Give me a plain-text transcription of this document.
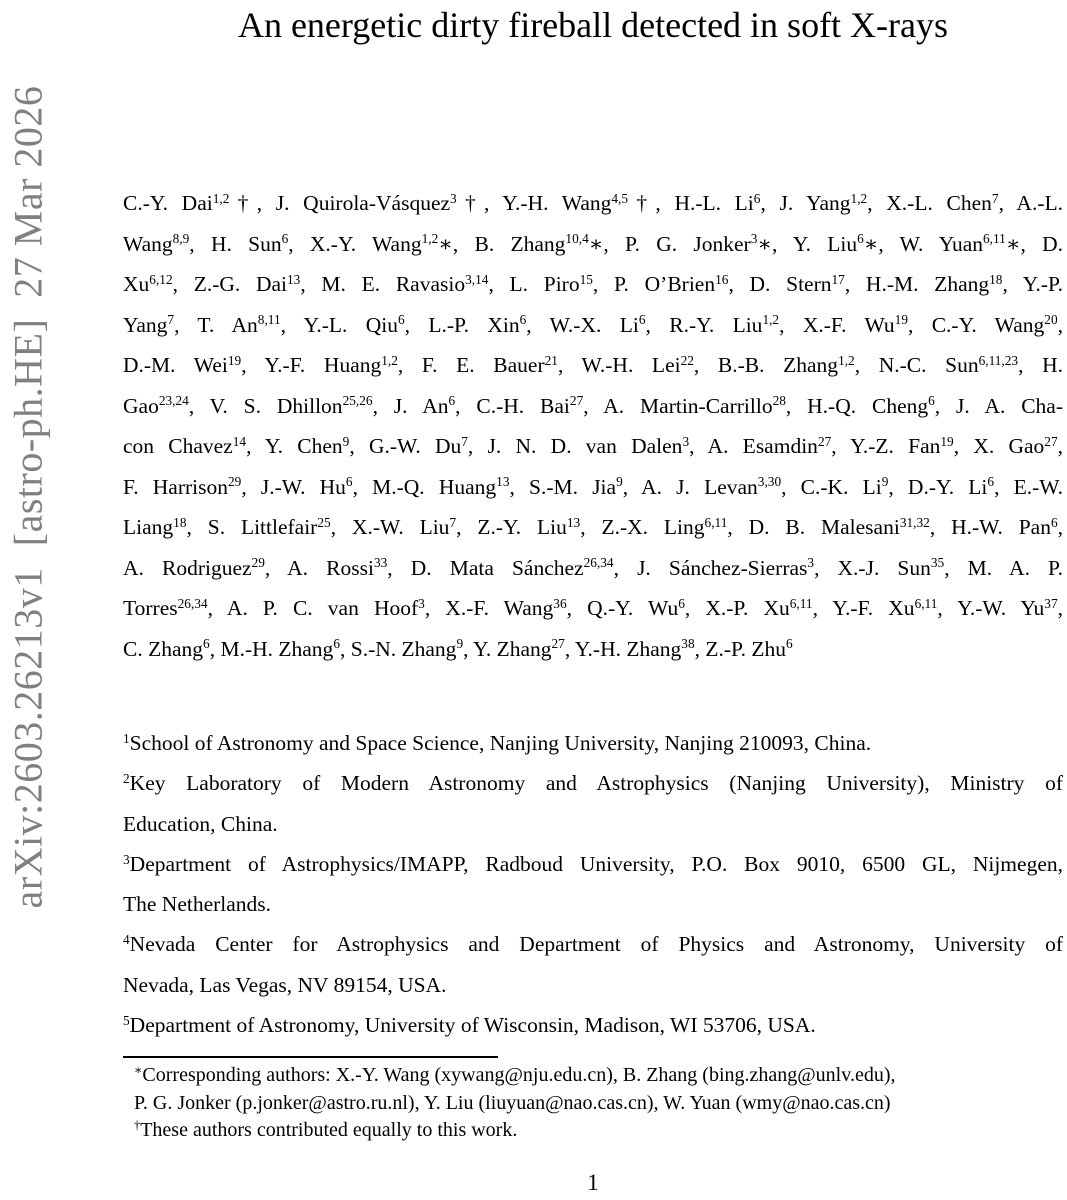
arXiv:2603.26213v1  [astro-ph.HE]  27 Mar 2026
An energetic dirty fireball detected in soft X-rays
C.-Y. Dai$^{1,2}$†, J. Quirola-Vásquez$^3$†, Y.-H. Wang$^{4,5}$†, H.-L. Li$^6$, J. Yang$^{1,2}$, X.-L. Chen$^7$, A.-L.
Wang$^{8,9}$, H. Sun$^6$, X.-Y. Wang$^{1,2}$∗, B. Zhang$^{10,4}$∗, P. G. Jonker$^3$∗, Y. Liu$^6$∗, W. Yuan$^{6,11}$∗, D.
Xu$^{6,12}$, Z.-G. Dai$^{13}$, M. E. Ravasio$^{3,14}$, L. Piro$^{15}$, P. O’Brien$^{16}$, D. Stern$^{17}$, H.-M. Zhang$^{18}$, Y.-P.
Yang$^7$, T. An$^{8,11}$, Y.-L. Qiu$^6$, L.-P. Xin$^6$, W.-X. Li$^6$, R.-Y. Liu$^{1,2}$, X.-F. Wu$^{19}$, C.-Y. Wang$^{20}$,
D.-M. Wei$^{19}$, Y.-F. Huang$^{1,2}$, F. E. Bauer$^{21}$, W.-H. Lei$^{22}$, B.-B. Zhang$^{1,2}$, N.-C. Sun$^{6,11,23}$, H.
Gao$^{23,24}$, V. S. Dhillon$^{25,26}$, J. An$^6$, C.-H. Bai$^{27}$, A. Martin-Carrillo$^{28}$, H.-Q. Cheng$^6$, J. A. Cha-
con Chavez$^{14}$, Y. Chen$^9$, G.-W. Du$^7$, J. N. D. van Dalen$^3$, A. Esamdin$^{27}$, Y.-Z. Fan$^{19}$, X. Gao$^{27}$,
F. Harrison$^{29}$, J.-W. Hu$^6$, M.-Q. Huang$^{13}$, S.-M. Jia$^9$, A. J. Levan$^{3,30}$, C.-K. Li$^9$, D.-Y. Li$^6$, E.-W.
Liang$^{18}$, S. Littlefair$^{25}$, X.-W. Liu$^7$, Z.-Y. Liu$^{13}$, Z.-X. Ling$^{6,11}$, D. B. Malesani$^{31,32}$, H.-W. Pan$^6$,
A. Rodriguez$^{29}$, A. Rossi$^{33}$, D. Mata Sánchez$^{26,34}$, J. Sánchez-Sierras$^3$, X.-J. Sun$^{35}$, M. A. P.
Torres$^{26,34}$, A. P. C. van Hoof$^3$, X.-F. Wang$^{36}$, Q.-Y. Wu$^6$, X.-P. Xu$^{6,11}$, Y.-F. Xu$^{6,11}$, Y.-W. Yu$^{37}$,
C. Zhang$^6$, M.-H. Zhang$^6$, S.-N. Zhang$^9$, Y. Zhang$^{27}$, Y.-H. Zhang$^{38}$, Z.-P. Zhu$^6$
$^1$School of Astronomy and Space Science, Nanjing University, Nanjing 210093, China.
$^2$Key Laboratory of Modern Astronomy and Astrophysics (Nanjing University), Ministry of
Education, China.
$^3$Department of Astrophysics/IMAPP, Radboud University, P.O. Box 9010, 6500 GL, Nijmegen,
The Netherlands.
$^4$Nevada Center for Astrophysics and Department of Physics and Astronomy, University of
Nevada, Las Vegas, NV 89154, USA.
$^5$Department of Astronomy, University of Wisconsin, Madison, WI 53706, USA.
∗Corresponding authors: X.-Y. Wang (xywang@nju.edu.cn), B. Zhang (bing.zhang@unlv.edu),
P. G. Jonker (p.jonker@astro.ru.nl), Y. Liu (liuyuan@nao.cas.cn), W. Yuan (wmy@nao.cas.cn)
†These authors contributed equally to this work.
1
